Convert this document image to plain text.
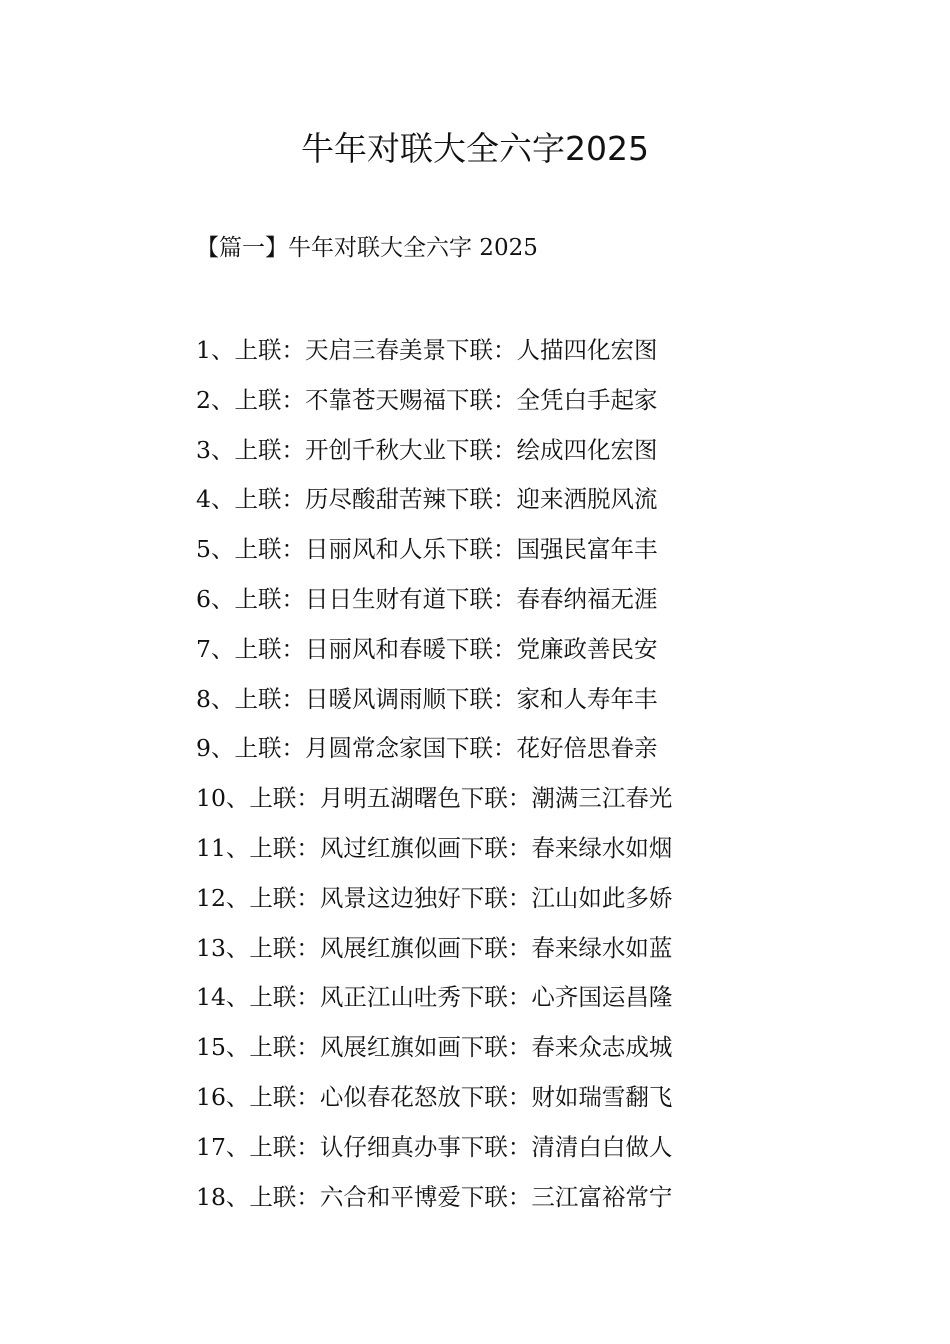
牛年对联大全六字2025
【篇一】牛年对联大全六字 2025
1、上联：天启三春美景下联：人描四化宏图
2、上联：不靠苍天赐福下联：全凭白手起家
3、上联：开创千秋大业下联：绘成四化宏图
4、上联：历尽酸甜苦辣下联：迎来洒脱风流
5、上联：日丽风和人乐下联：国强民富年丰
6、上联：日日生财有道下联：春春纳福无涯
7、上联：日丽风和春暖下联：党廉政善民安
8、上联：日暖风调雨顺下联：家和人寿年丰
9、上联：月圆常念家国下联：花好倍思眷亲
10、上联：月明五湖曙色下联：潮满三江春光
11、上联：风过红旗似画下联：春来绿水如烟
12、上联：风景这边独好下联：江山如此多娇
13、上联：风展红旗似画下联：春来绿水如蓝
14、上联：风正江山吐秀下联：心齐国运昌隆
15、上联：风展红旗如画下联：春来众志成城
16、上联：心似春花怒放下联：财如瑞雪翻飞
17、上联：认仔细真办事下联：清清白白做人
18、上联：六合和平博爱下联：三江富裕常宁
